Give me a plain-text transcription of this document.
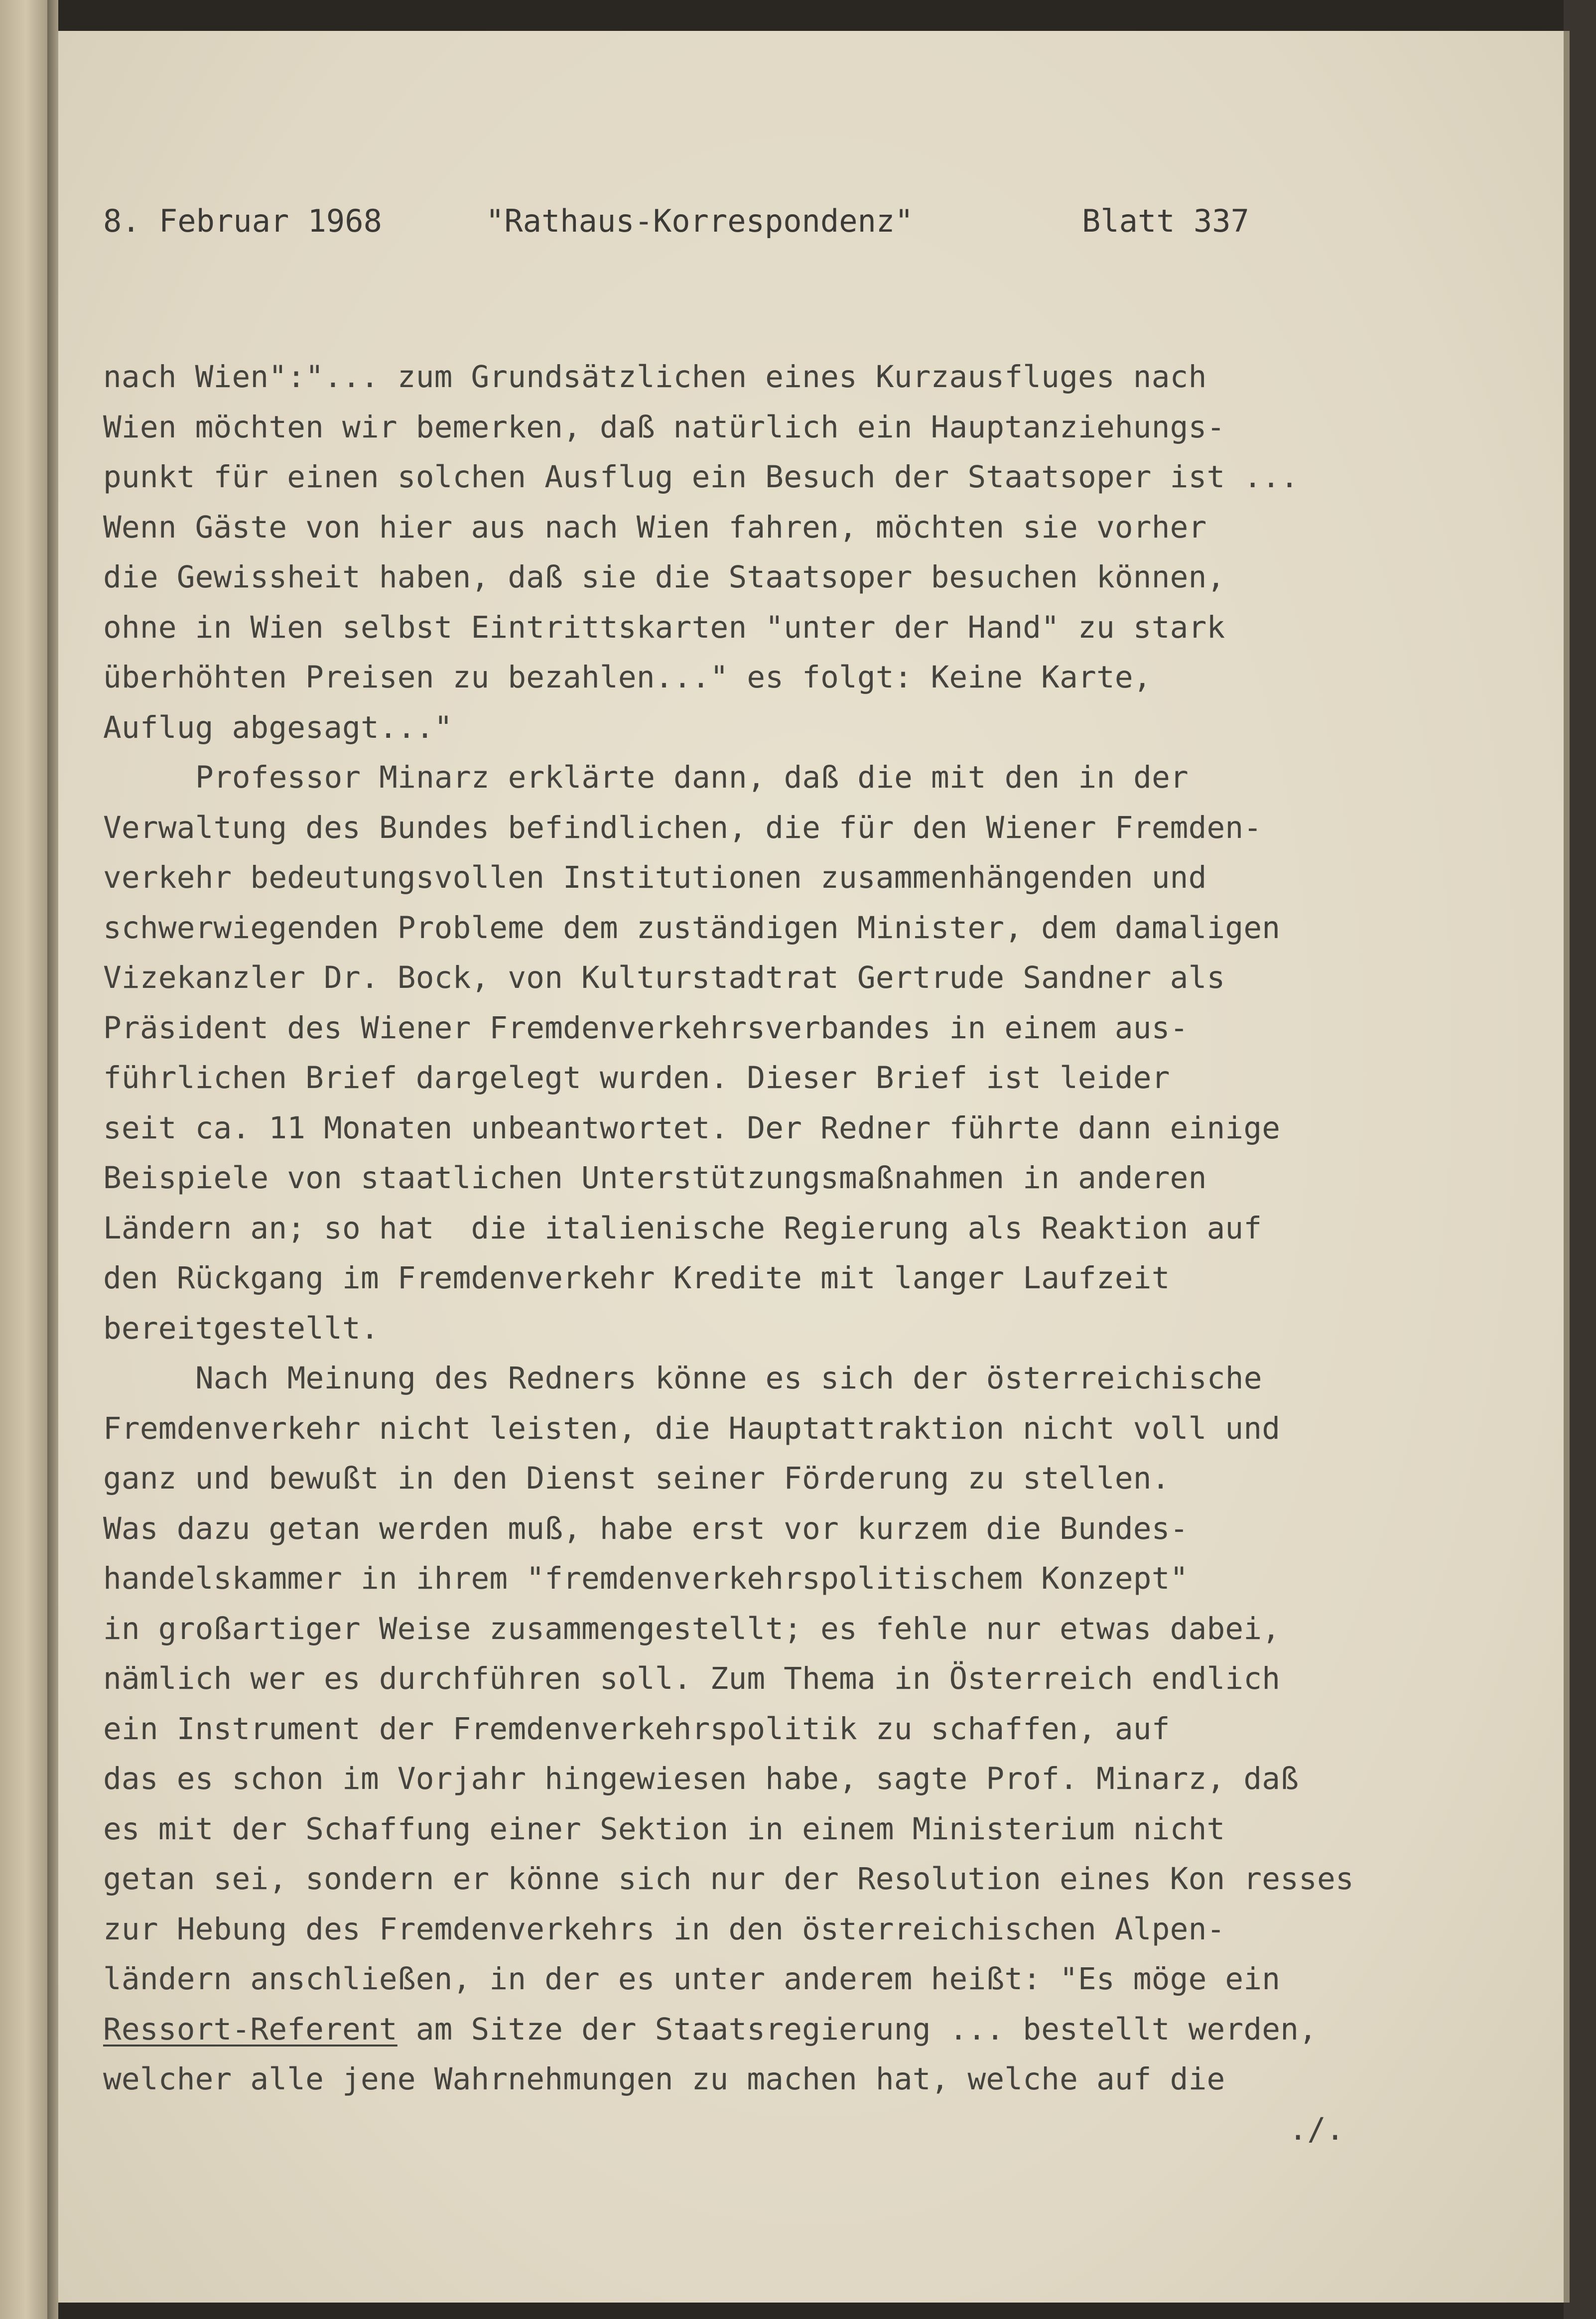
8. Februar 1968

	"Rathaus-Korrespondenz"

	Blatt 337

nach Wien":"... zum Grundsätzlichen eines Kurzausfluges nach
Wien möchten wir bemerken, daß natürlich ein Hauptanziehungs-
punkt für einen solchen Ausflug ein Besuch der Staatsoper ist ...
Wenn Gäste von hier aus nach Wien fahren, möchten sie vorher
die Gewissheit haben, daß sie die Staatsoper besuchen können,
ohne in Wien selbst Eintrittskarten "unter der Hand" zu stark
überhöhten Preisen zu bezahlen..." es folgt: Keine Karte,
Auflug abgesagt..."
Professor Minarz erklärte dann, daß die mit den in der
Verwaltung des Bundes befindlichen, die für den Wiener Fremden-
verkehr bedeutungsvollen Institutionen zusammenhängenden und
schwerwiegenden Probleme dem zuständigen Minister, dem damaligen
Vizekanzler Dr. Bock, von Kulturstadtrat Gertrude Sandner als
Präsident des Wiener Fremdenverkehrsverbandes in einem aus-
führlichen Brief dargelegt wurden. Dieser Brief ist leider
seit ca. 11 Monaten unbeantwortet. Der Redner führte dann einige
Beispiele von staatlichen Unterstützungsmaßnahmen in anderen
Ländern an; so hat  die italienische Regierung als Reaktion auf
den Rückgang im Fremdenverkehr Kredite mit langer Laufzeit
bereitgestellt.
Nach Meinung des Redners könne es sich der österreichische
Fremdenverkehr nicht leisten, die Hauptattraktion nicht voll und
ganz und bewußt in den Dienst seiner Förderung zu stellen.
Was dazu getan werden muß, habe erst vor kurzem die Bundes-
handelskammer in ihrem "fremdenverkehrspolitischem Konzept"
in großartiger Weise zusammengestellt; es fehle nur etwas dabei,
nämlich wer es durchführen soll. Zum Thema in Österreich endlich
ein Instrument der Fremdenverkehrspolitik zu schaffen, auf
das es schon im Vorjahr hingewiesen habe, sagte Prof. Minarz, daß
es mit der Schaffung einer Sektion in einem Ministerium nicht
getan sei, sondern er könne sich nur der Resolution eines Kon resses
zur Hebung des Fremdenverkehrs in den österreichischen Alpen-
ländern anschließen, in der es unter anderem heißt: "Es möge ein
Ressort-Referent am Sitze der Staatsregierung ... bestellt werden,
welcher alle jene Wahrnehmungen zu machen hat, welche auf die
./.
